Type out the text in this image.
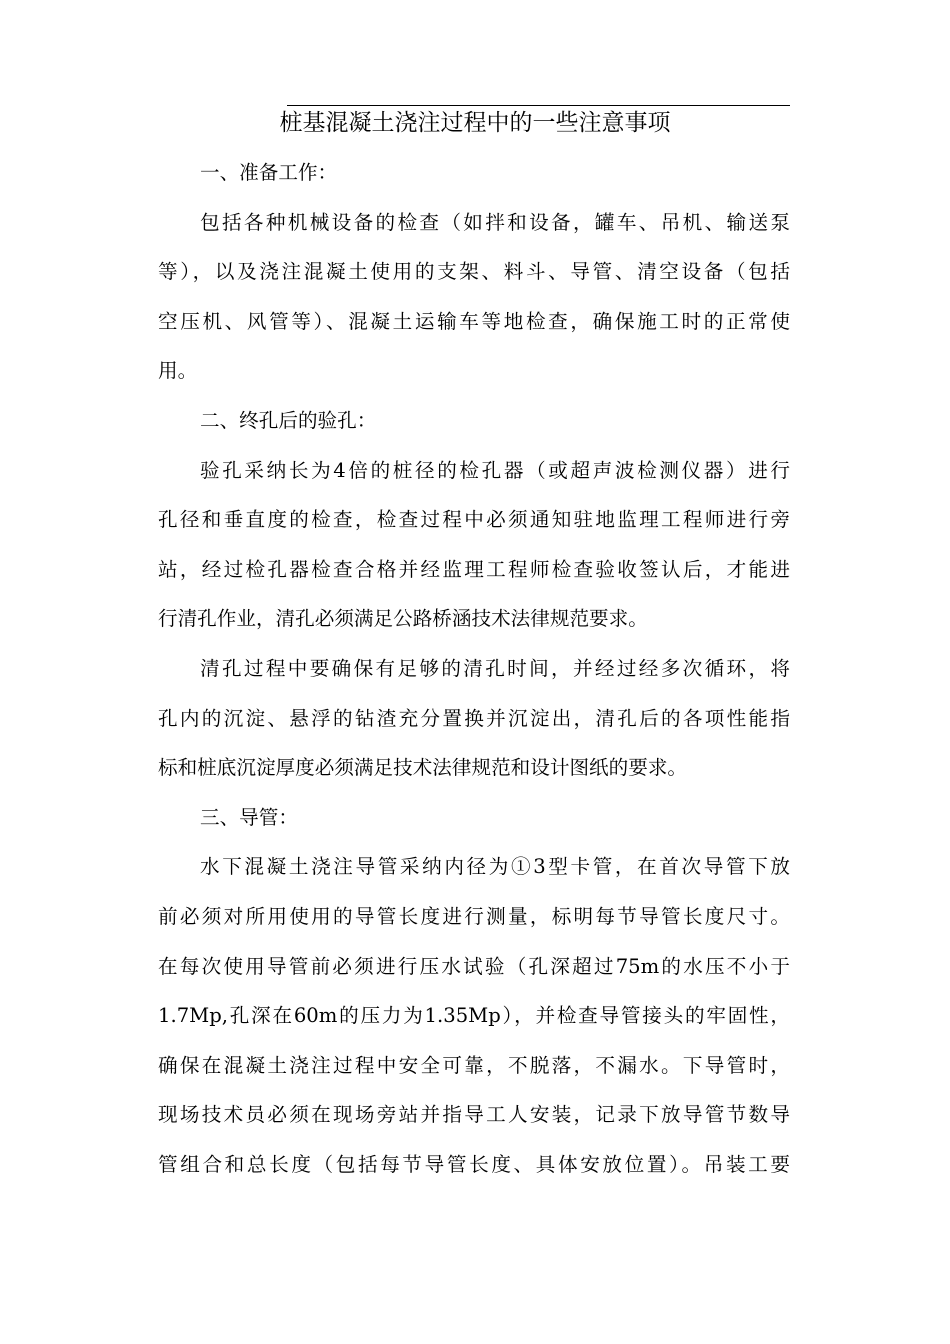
桩基混凝土浇注过程中的一些注意事项
一、准备工作：
包括各种机械设备的检查（如拌和设备，罐车、吊机、输送泵
等），以及浇注混凝土使用的支架、料斗、导管、清空设备（包括
空压机、风管等）、混凝土运输车等地检查，确保施工时的正常使
用。
二、终孔后的验孔：
验孔采纳长为4倍的桩径的检孔器（或超声波检测仪器）进行
孔径和垂直度的检查，检查过程中必须通知驻地监理工程师进行旁
站，经过检孔器检查合格并经监理工程师检查验收签认后，才能进
行清孔作业，清孔必须满足公路桥涵技术法律规范要求。
清孔过程中要确保有足够的清孔时间，并经过经多次循环，将
孔内的沉淀、悬浮的钻渣充分置换并沉淀出，清孔后的各项性能指
标和桩底沉淀厚度必须满足技术法律规范和设计图纸的要求。
三、导管：
水下混凝土浇注导管采纳内径为①3型卡管，在首次导管下放
前必须对所用使用的导管长度进行测量，标明每节导管长度尺寸。
在每次使用导管前必须进行压水试验（孔深超过75m的水压不小于
1.7Mp,孔深在60m的压力为1.35Mp），并检查导管接头的牢固性，
确保在混凝土浇注过程中安全可靠，不脱落，不漏水。下导管时，
现场技术员必须在现场旁站并指导工人安装，记录下放导管节数导
管组合和总长度（包括每节导管长度、具体安放位置）。吊装工要
